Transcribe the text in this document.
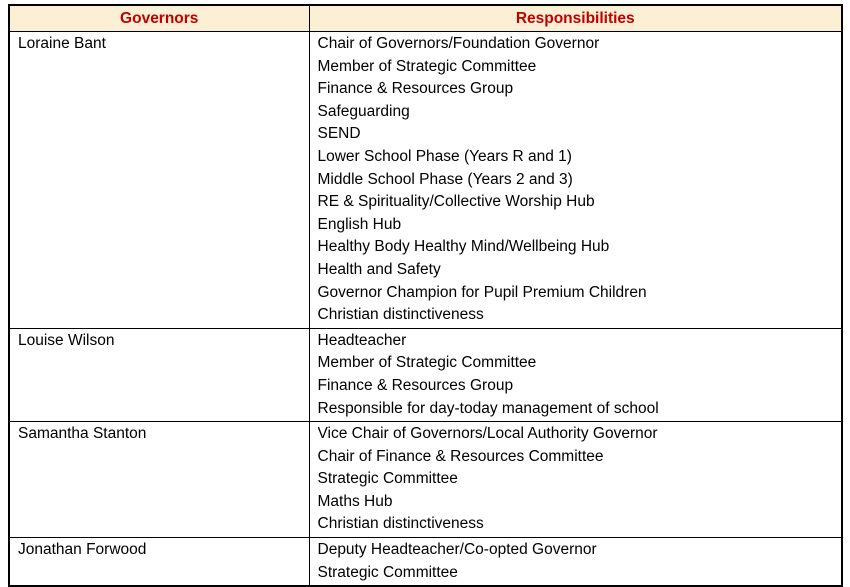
Governors	Responsibilities

Loraine Bant	Chair of Governors/Foundation Governor
Member of Strategic Committee
Finance & Resources Group
Safeguarding
SEND
Lower School Phase (Years R and 1)
Middle School Phase (Years 2 and 3)
RE & Spirituality/Collective Worship Hub
English Hub
Healthy Body Healthy Mind/Wellbeing Hub
Health and Safety
Governor Champion for Pupil Premium Children
Christian distinctiveness

Louise Wilson	Headteacher
Member of Strategic Committee
Finance & Resources Group
Responsible for day-today management of school

Samantha Stanton	Vice Chair of Governors/Local Authority Governor
Chair of Finance & Resources Committee
Strategic Committee
Maths Hub
Christian distinctiveness

Jonathan Forwood	Deputy Headteacher/Co-opted Governor
Strategic Committee
